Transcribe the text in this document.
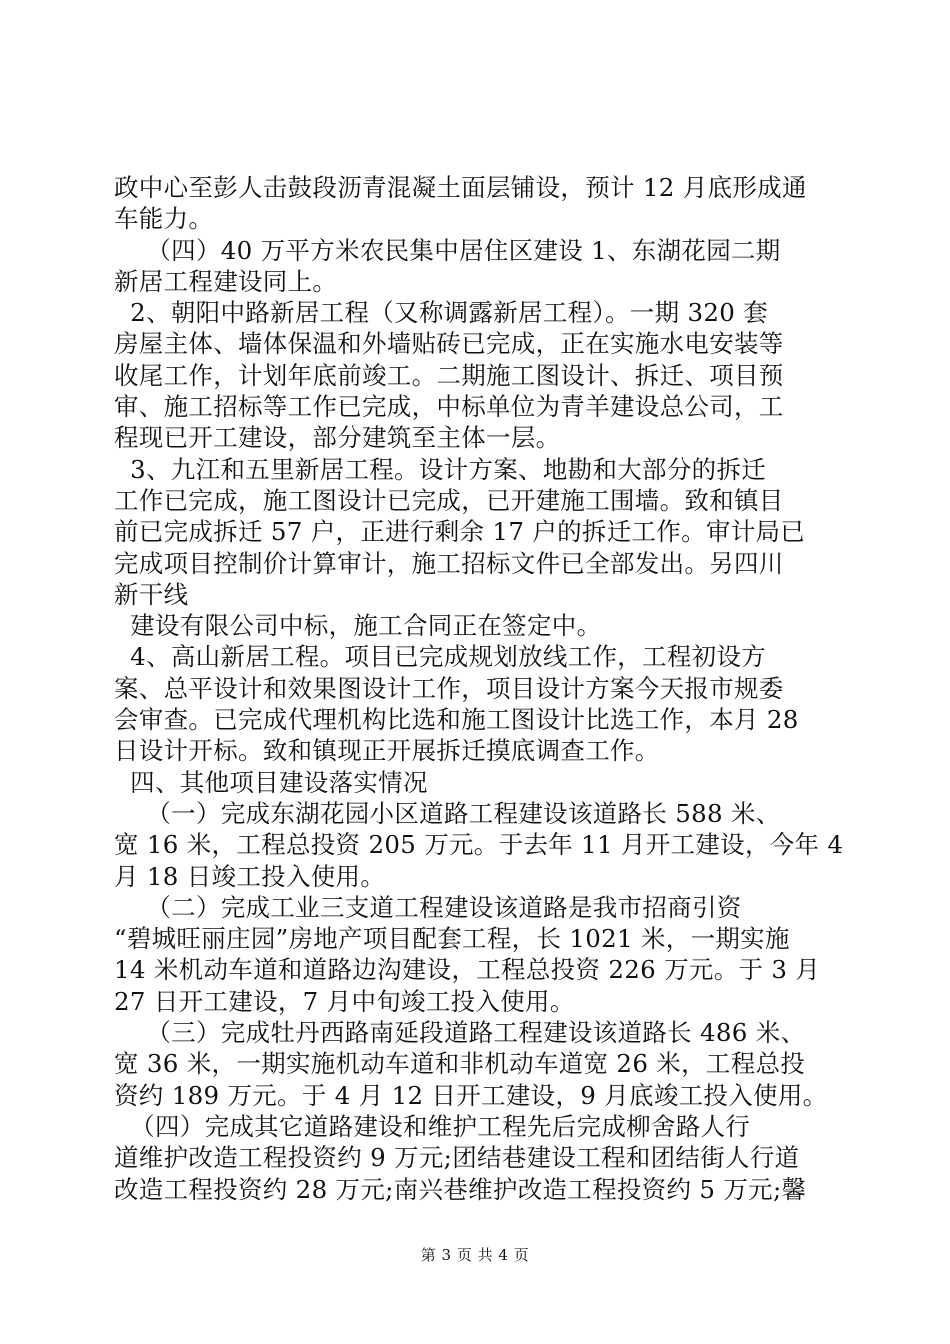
政中心至彭人击鼓段沥青混凝土面层铺设，预计 12 月底形成通
车能力。
（四）40 万平方米农民集中居住区建设 1、东湖花园二期
新居工程建设同上。
2、朝阳中路新居工程（又称调露新居工程）。一期 320 套
房屋主体、墙体保温和外墙贴砖已完成，正在实施水电安装等
收尾工作，计划年底前竣工。二期施工图设计、拆迁、项目预
审、施工招标等工作已完成，中标单位为青羊建设总公司，工
程现已开工建设，部分建筑至主体一层。
3、九江和五里新居工程。设计方案、地勘和大部分的拆迁
工作已完成，施工图设计已完成，已开建施工围墙。致和镇目
前已完成拆迁 57 户，正进行剩余 17 户的拆迁工作。审计局已
完成项目控制价计算审计，施工招标文件已全部发出。另四川
新干线
建设有限公司中标，施工合同正在签定中。
4、高山新居工程。项目已完成规划放线工作，工程初设方
案、总平设计和效果图设计工作，项目设计方案今天报市规委
会审查。已完成代理机构比选和施工图设计比选工作，本月 28
日设计开标。致和镇现正开展拆迁摸底调查工作。
四、其他项目建设落实情况
（一）完成东湖花园小区道路工程建设该道路长 588 米、
宽 16 米，工程总投资 205 万元。于去年 11 月开工建设，今年 4
月 18 日竣工投入使用。
（二）完成工业三支道工程建设该道路是我市招商引资
“碧城旺丽庄园”房地产项目配套工程，长 1021 米，一期实施
14 米机动车道和道路边沟建设，工程总投资 226 万元。于 3 月
27 日开工建设，7 月中旬竣工投入使用。
（三）完成牡丹西路南延段道路工程建设该道路长 486 米、
宽 36 米，一期实施机动车道和非机动车道宽 26 米，工程总投
资约 189 万元。于 4 月 12 日开工建设，9 月底竣工投入使用。
（四）完成其它道路建设和维护工程先后完成柳舍路人行
道维护改造工程投资约 9 万元;团结巷建设工程和团结街人行道
改造工程投资约 28 万元;南兴巷维护改造工程投资约 5 万元;馨
第 3 页 共 4 页
